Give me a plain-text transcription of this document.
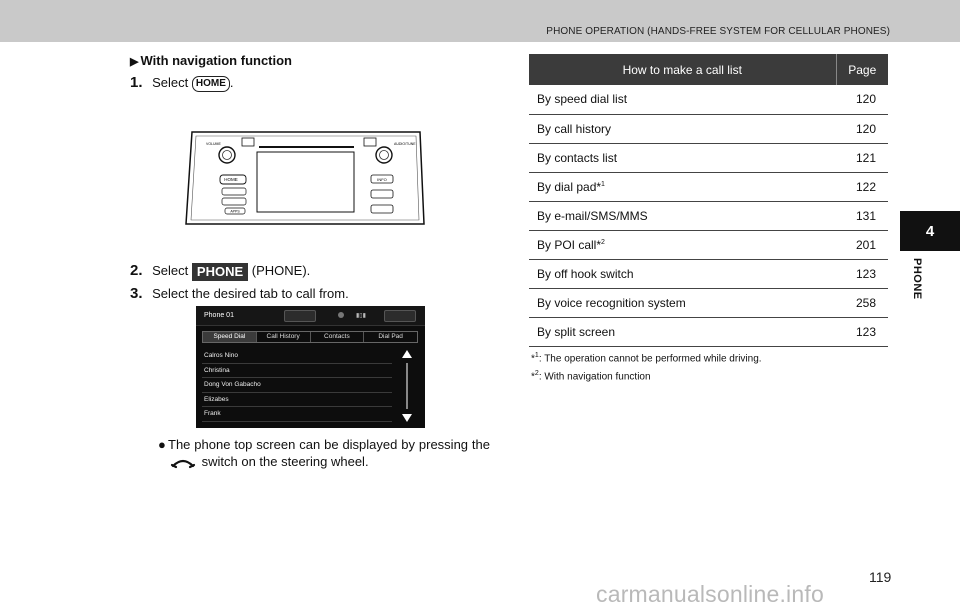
PHONE OPERATION (HANDS-FREE SYSTEM FOR CELLULAR PHONES)
4
PHONE
▶ With navigation function
1. Select HOME .
HOME
APPS
INFO
VOLUME	AUDIO/TUNE
2. Select PHONE (PHONE).
3. Select the desired tab to call from.
Phone 01	▮▯▮
Speed Dial	Call History	Contacts	Dial Pad
Calros Nino
Christina
Dong Von Gabacho
Elizabes
Frank
● The phone top screen can be displayed by pressing the  switch on the steering wheel.
How to make a call list	Page
By speed dial list	120
By call history	120
By contacts list	121
By dial pad*$^1$	122
By e-mail/SMS/MMS	131
By POI call*$^2$	201
By off hook switch	123
By voice recognition system	258
By split screen	123
*$^1$: The operation cannot be performed while driving.
*$^2$: With navigation function
119
carmanualsonline.info
